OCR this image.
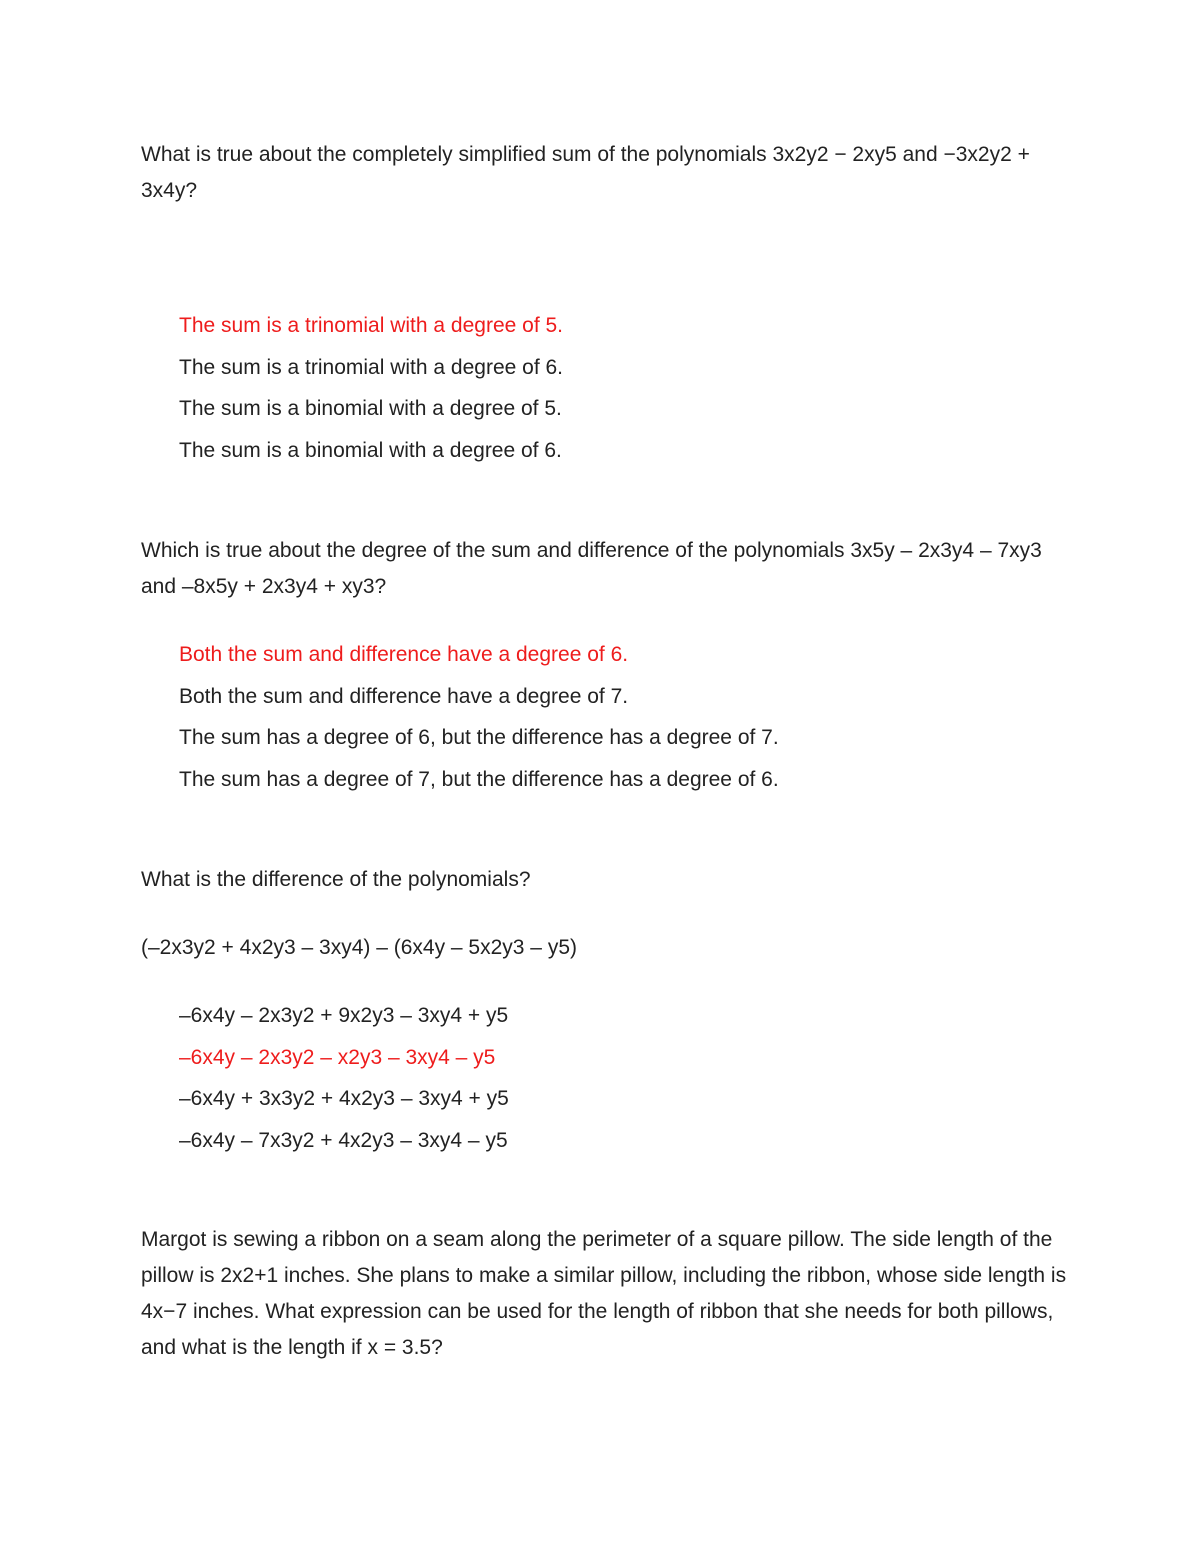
What is true about the completely simplified sum of the polynomials 3x2y2 − 2xy5 and −3x2y2 + 3x4y?

The sum is a trinomial with a degree of 5.
The sum is a trinomial with a degree of 6.
The sum is a binomial with a degree of 5.
The sum is a binomial with a degree of 6.

Which is true about the degree of the sum and difference of the polynomials 3x5y – 2x3y4 – 7xy3 and –8x5y + 2x3y4 + xy3?

Both the sum and difference have a degree of 6.
Both the sum and difference have a degree of 7.
The sum has a degree of 6, but the difference has a degree of 7.
The sum has a degree of 7, but the difference has a degree of 6.

What is the difference of the polynomials?

(–2x3y2 + 4x2y3 – 3xy4) – (6x4y – 5x2y3 – y5)

–6x4y – 2x3y2 + 9x2y3 – 3xy4 + y5
–6x4y – 2x3y2 – x2y3 – 3xy4 – y5
–6x4y + 3x3y2 + 4x2y3 – 3xy4 + y5
–6x4y – 7x3y2 + 4x2y3 – 3xy4 – y5

Margot is sewing a ribbon on a seam along the perimeter of a square pillow. The side length of the pillow is 2x2+1 inches. She plans to make a similar pillow, including the ribbon, whose side length is 4x−7 inches. What expression can be used for the length of ribbon that she needs for both pillows, and what is the length if x = 3.5?
